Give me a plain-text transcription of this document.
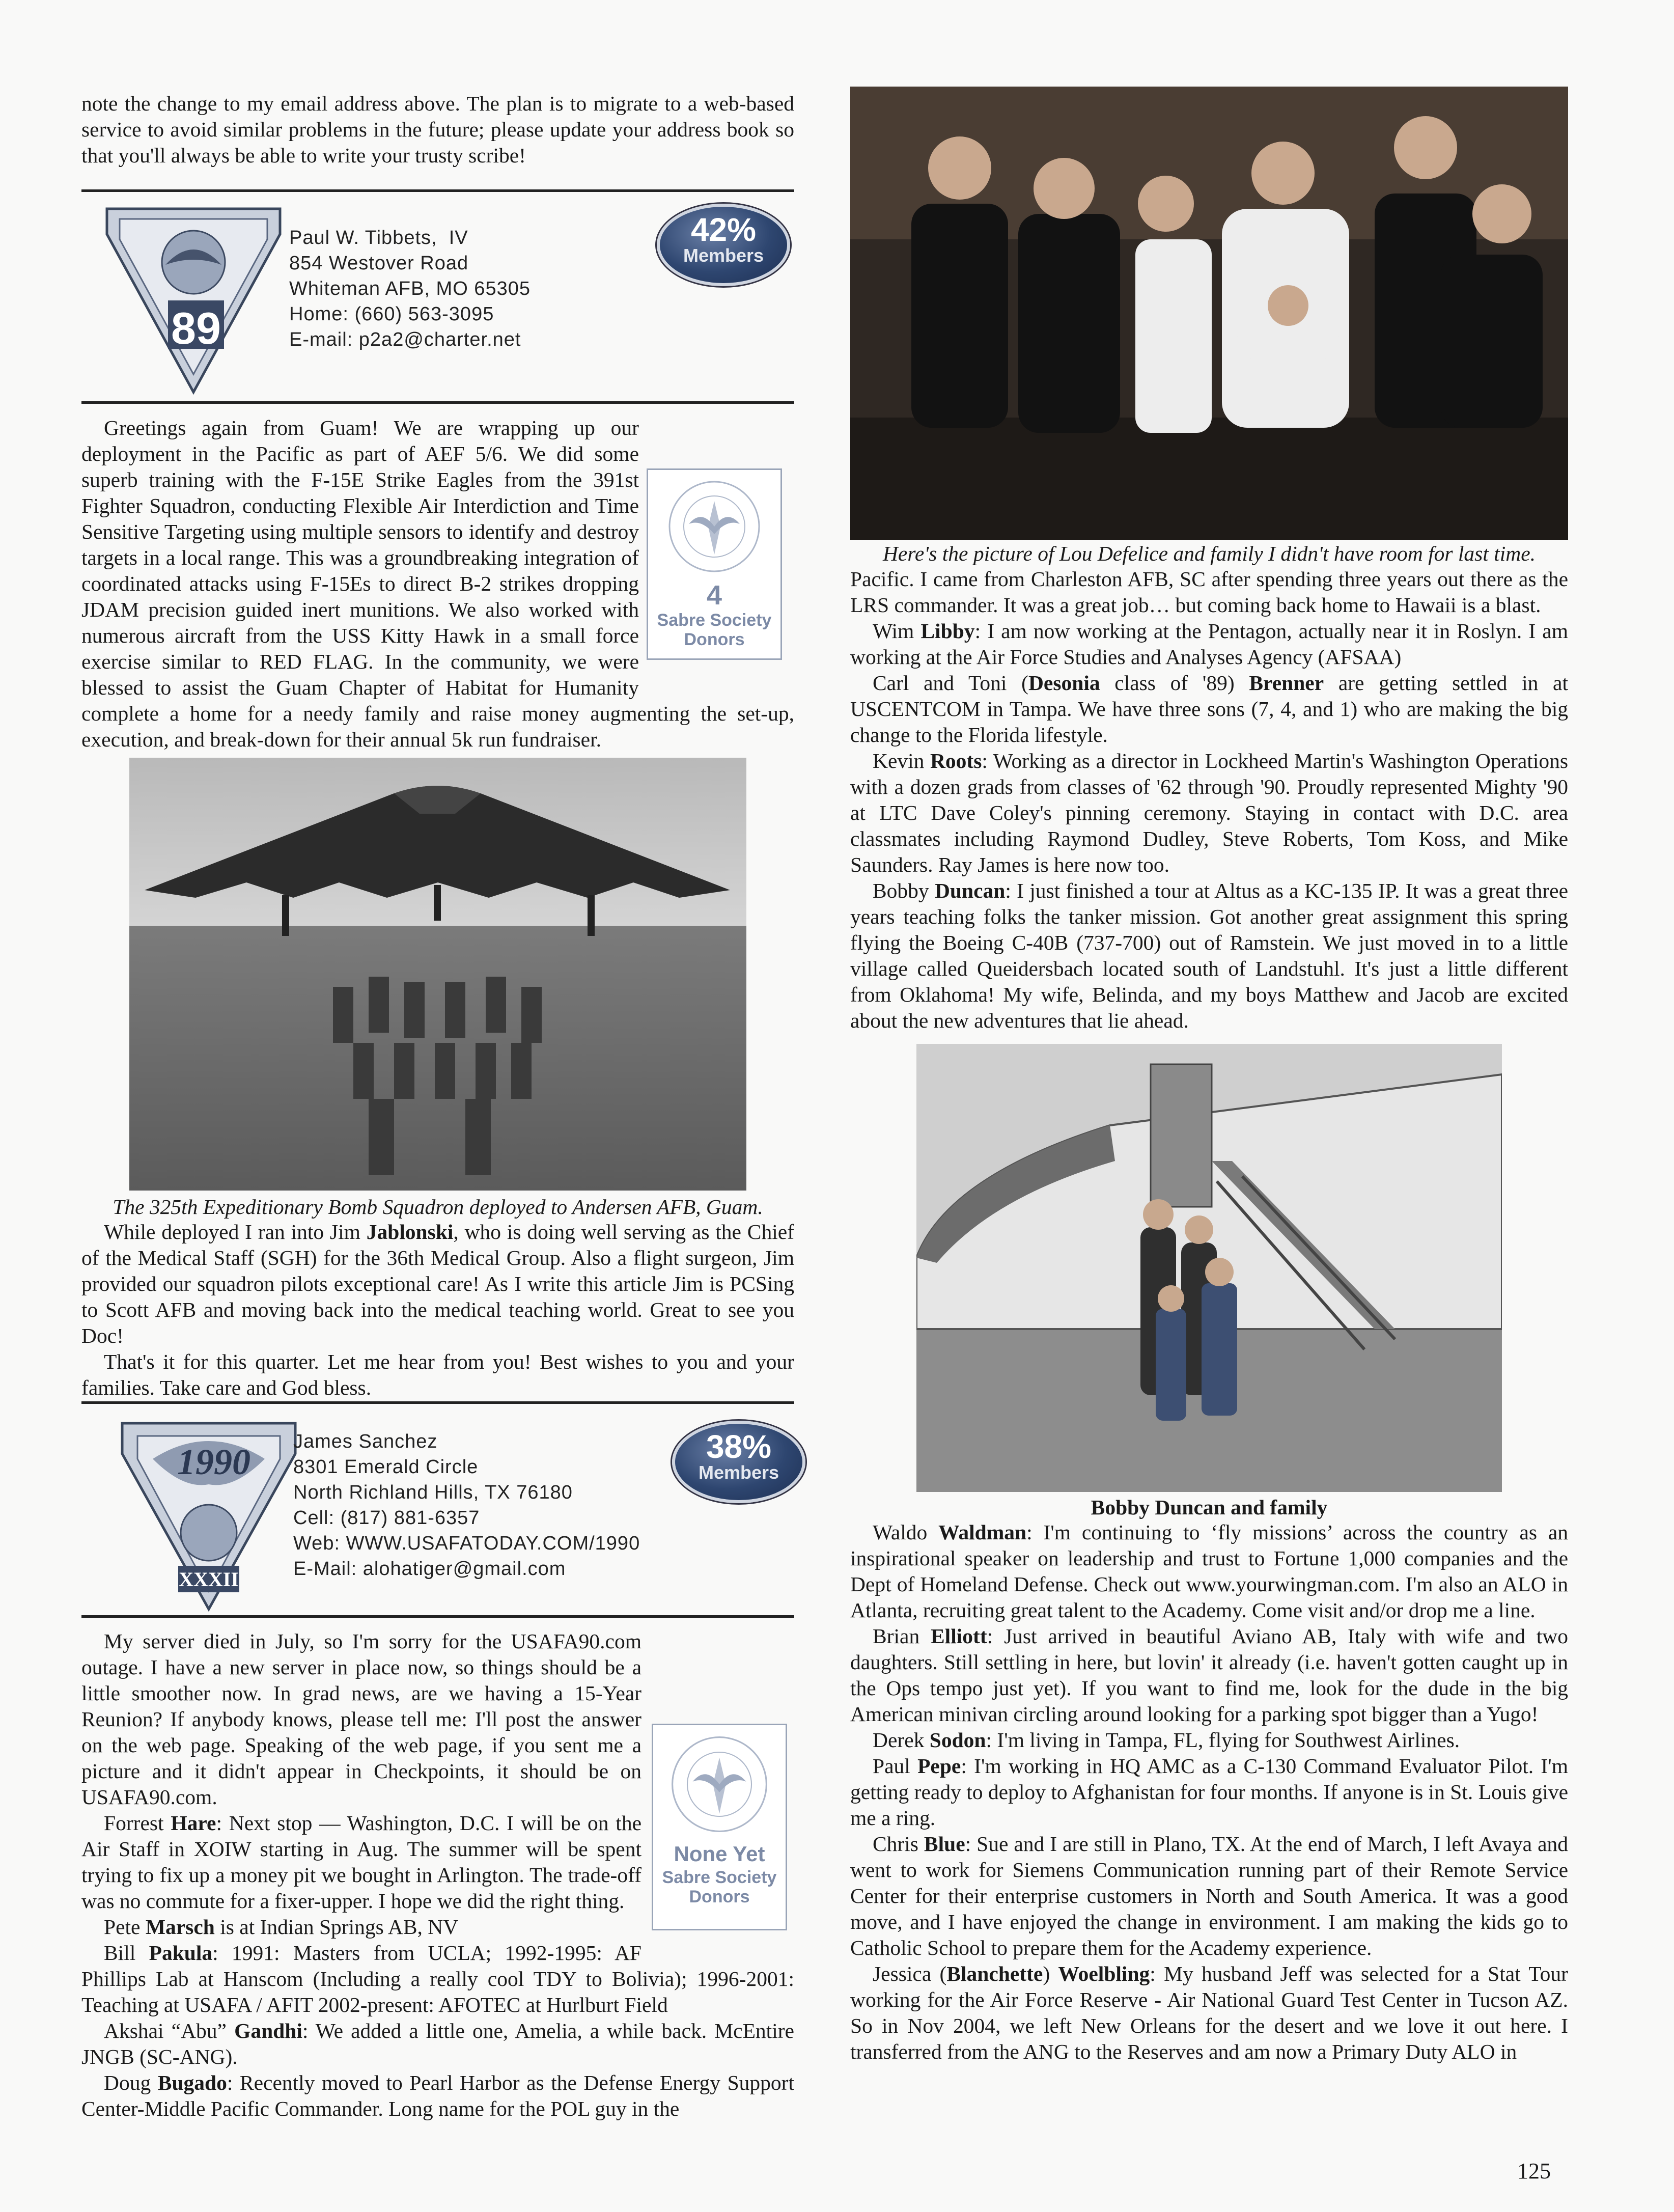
note the change to my email address above. The plan is to migrate to a web-based service to avoid similar problems in the future; please update your address book so that you'll always be able to write your trusty scribe!

89
Paul W. Tibbets,  IV
854 Westover Road
Whiteman AFB, MO 65305
Home: (660) 563-3095
E-mail: p2a2@charter.net
42%
Members
4
Sabre Society
Donors

Greetings again from Guam! We are wrapping up our deployment in the Pacific as part of AEF 5/6. We did some superb training with the F-15E Strike Eagles from the 391st Fighter Squadron, conducting Flexible Air Interdiction and Time Sensitive Targeting using multiple sensors to identify and destroy targets in a local range. This was a groundbreaking integration of coordinated attacks using F-15Es to direct B-2 strikes dropping JDAM precision guided inert munitions. We also worked with numerous aircraft from the USS Kitty Hawk in a small force exercise similar to RED FLAG. In the community, we were blessed to assist the Guam Chapter of Habitat for Humanity complete a home for a needy family and raise money augmenting the set-up, execution, and break-down for their annual 5k run fundraiser.

The 325th Expeditionary Bomb Squadron deployed to Andersen AFB, Guam.

While deployed I ran into Jim Jablonski, who is doing well serving as the Chief of the Medical Staff (SGH) for the 36th Medical Group. Also a flight surgeon, Jim provided our squadron pilots exceptional care! As I write this article Jim is PCSing to Scott AFB and moving back into the medical teaching world. Great to see you Doc!

That's it for this quarter. Let me hear from you! Best wishes to you and your families. Take care and God bless.

1990
XXXII
James Sanchez
8301 Emerald Circle
North Richland Hills, TX 76180
Cell: (817) 881-6357
Web: WWW.USAFATODAY.COM/1990
E-Mail: alohatiger@gmail.com
38%
Members
None Yet
Sabre Society
Donors

My server died in July, so I'm sorry for the USAFA90.com outage. I have a new server in place now, so things should be a little smoother now. In grad news, are we having a 15-Year Reunion? If anybody knows, please tell me: I'll post the answer on the web page. Speaking of the web page, if you sent me a picture and it didn't appear in Checkpoints, it should be on USAFA90.com.

Forrest Hare: Next stop — Washington, D.C. I will be on the Air Staff in XOIW starting in Aug. The summer will be spent trying to fix up a money pit we bought in Arlington. The trade-off was no commute for a fixer-upper. I hope we did the right thing.

Pete Marsch is at Indian Springs AB, NV

Bill Pakula: 1991: Masters from UCLA; 1992-1995: AF Phillips Lab at Hanscom (Including a really cool TDY to Bolivia); 1996-2001: Teaching at USAFA / AFIT 2002-present: AFOTEC at Hurlburt Field

Akshai “Abu” Gandhi: We added a little one, Amelia, a while back. McEntire JNGB (SC-ANG).

Doug Bugado: Recently moved to Pearl Harbor as the Defense Energy Support Center-Middle Pacific Commander. Long name for the POL guy in the

Here's the picture of Lou Defelice and family I didn't have room for last time.

Pacific. I came from Charleston AFB, SC after spending three years out there as the LRS commander. It was a great job… but coming back home to Hawaii is a blast.

Wim Libby: I am now working at the Pentagon, actually near it in Roslyn. I am working at the Air Force Studies and Analyses Agency (AFSAA)

Carl and Toni (Desonia class of '89) Brenner are getting settled in at USCENTCOM in Tampa. We have three sons (7, 4, and 1) who are making the big change to the Florida lifestyle.

Kevin Roots: Working as a director in Lockheed Martin's Washington Operations with a dozen grads from classes of '62 through '90. Proudly represented Mighty '90 at LTC Dave Coley's pinning ceremony. Staying in contact with D.C. area classmates including Raymond Dudley, Steve Roberts, Tom Koss, and Mike Saunders. Ray James is here now too.

Bobby Duncan: I just finished a tour at Altus as a KC-135 IP. It was a great three years teaching folks the tanker mission. Got another great assignment this spring flying the Boeing C-40B (737-700) out of Ramstein. We just moved in to a little village called Queidersbach located south of Landstuhl. It's just a little different from Oklahoma! My wife, Belinda, and my boys Matthew and Jacob are excited about the new adventures that lie ahead.

Bobby Duncan and family

Waldo Waldman: I'm continuing to ‘fly missions’ across the country as an inspirational speaker on leadership and trust to Fortune 1,000 companies and the Dept of Homeland Defense. Check out www.yourwingman.com. I'm also an ALO in Atlanta, recruiting great talent to the Academy. Come visit and/or drop me a line.

Brian Elliott: Just arrived in beautiful Aviano AB, Italy with wife and two daughters. Still settling in here, but lovin' it already (i.e. haven't gotten caught up in the Ops tempo just yet). If you want to find me, look for the dude in the big American minivan circling around looking for a parking spot bigger than a Yugo!

Derek Sodon: I'm living in Tampa, FL, flying for Southwest Airlines.

Paul Pepe: I'm working in HQ AMC as a C-130 Command Evaluator Pilot. I'm getting ready to deploy to Afghanistan for four months. If anyone is in St. Louis give me a ring.

Chris Blue: Sue and I are still in Plano, TX. At the end of March, I left Avaya and went to work for Siemens Communication running part of their Remote Service Center for their enterprise customers in North and South America. It was a good move, and I have enjoyed the change in environment. I am making the kids go to Catholic School to prepare them for the Academy experience.

Jessica (Blanchette) Woelbling: My husband Jeff was selected for a Stat Tour working for the Air Force Reserve - Air National Guard Test Center in Tucson AZ. So in Nov 2004, we left New Orleans for the desert and we love it out here. I transferred from the ANG to the Reserves and am now a Primary Duty ALO in

125
